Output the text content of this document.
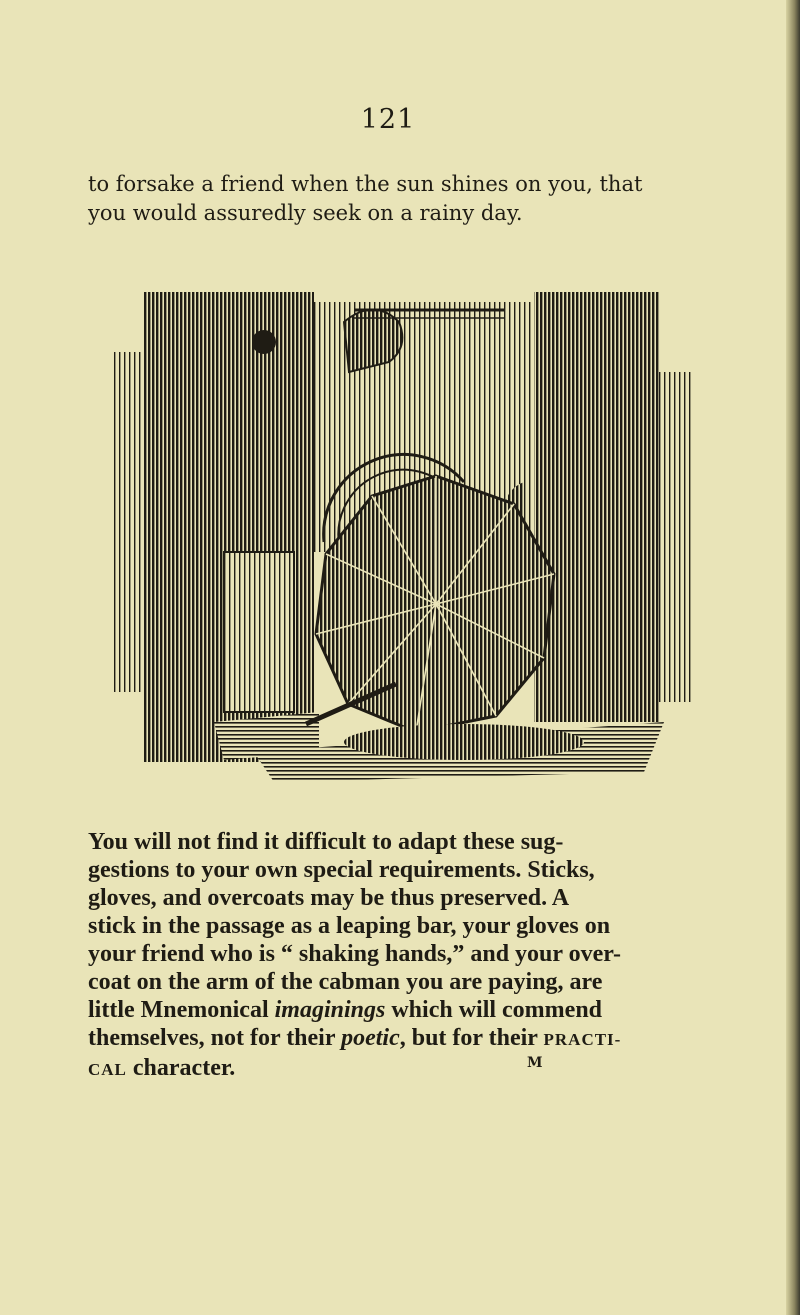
121
to forsake a friend when the sun shines on you, that
you would assuredly seek on a rainy day.
You will not find it difficult to adapt these sug-
gestions to your own special requirements. Sticks,
gloves, and overcoats may be thus preserved. A
stick in the passage as a leaping bar, your gloves on
your friend who is “ shaking hands,” and your over-
coat on the arm of the cabman you are paying, are
little Mnemonical imaginings which will commend
themselves, not for their poetic, but for their PRACTI-
CAL character.	M
